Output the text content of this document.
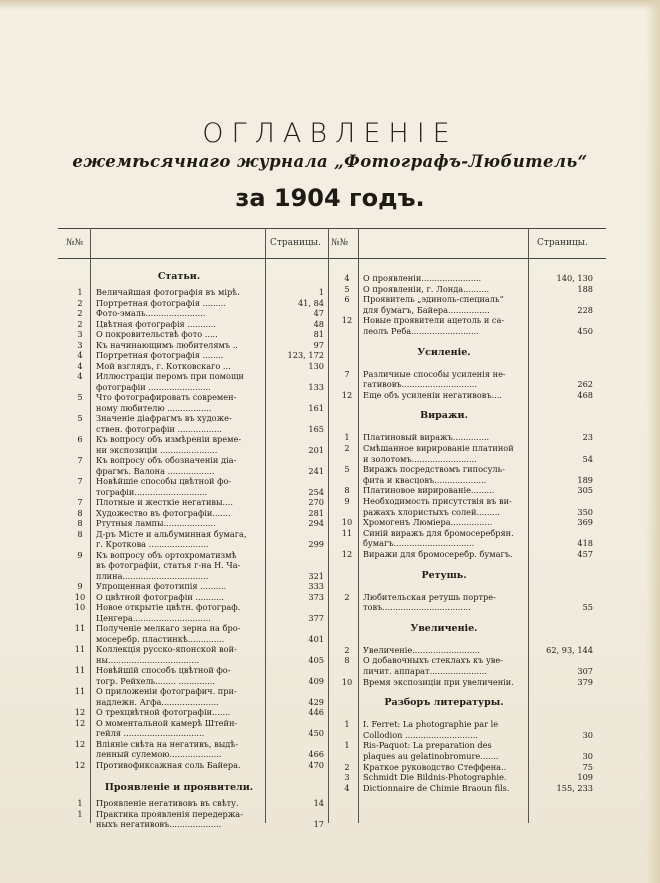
ОГЛАВЛЕНІЕ
ежемѣсячнаго журнала „Фотографъ-Любитель“
за 1904 годъ.
№№	Страницы. №№	Страницы.
Статьи.
1	Величайшая фотографія въ мірѣ.	1
2	Портретная фотографія .........	41, 84
2	Фото-эмаль.......................	47
2	Цвѣтная фотографія ...........	48
3	О покровительствѣ фото .....	81
3	Къ начинающимъ любителямъ ..	97
4	Портретная фотографія ........	123, 172
4	Мой взглядъ, г. Котковскаго ...	130
4	Иллюстраціи перомъ при помощи
фотографіи ........................	133
5	Что фотографировать современ-
ному любителю .................	161
5	Значеніе діафрагмъ въ художе-
ствен. фотографіи .................	165
6	Къ вопросу объ измѣреніи време-
ни экспозиціи ......................	201
7	Къ вопросу объ обозначеніи діа-
фрагмъ. Валона ..................	241
7	Новѣйшіе способы цвѣтной фо-
тографіи............................	254
7	Плотные и жесткіе негативы....	270
8	Художество въ фотографіи.......	281
8	Ртутныя лампы....................	294
8	Д-ръ Місте и альбуминная бумага,
г. Кроткова .......................	299
9	Къ вопросу объ ортохроматизмѣ
въ фотографіи, статья г-на Н. Ча-
плина.................................	321
9	Упрощенная фототипія ..........	333
10	О цвѣтной фотографіи ...........	373
10	Новое открытіе цвѣтн. фотограф.
Ценгера..............................	377
11	Полученіе мелкаго зерна на бро-
мосеребр. пластинкѣ..............	401
11	Коллекція русско-японской вой-
ны...................................	405
11	Новѣйшій способъ цвѣтной фо-
тогр. Рейхель........ ..............	409
11	О приложеніи фотографич. при-
надлежн. Агфа......................	429
12	О трехцвѣтной фотографіи.......	446
12	О моментальной камерѣ Штейн-
гейля ...............................	450
12	Вліяніе свѣта на негативъ, выдѣ-
ленный сулемою....................	466
12	Противофиксажная соль Байера.	470
Проявленіе и проявители.
1	Проявленіе негативовъ въ свѣту.	14
1	Практика проявленія передержа-
ныхъ негативовъ....................	17
4	О проявленіи.......................	140, 130
5	О проявленіи, г. Лонда..........	188
6	Проявитель „эдиноль-специаль“
для бумагъ, Байера................	228
12	Новые проявители ацетоль и са-
леолъ Реба..........................	450
Усиленіе.
7	Различные способы усиленія не-
гативовъ.............................	262
12	Еще объ усиленіи негативовъ....	468
Виражи.
1	Платиновый виражъ..............	23
2	Смѣшанное вирированіе платиной
и золотомъ.........................	54
5	Виражъ посредствомъ гипосуль-
фита и квасцовъ....................	189
8	Платиновое вирированіе.........	305
9	Необходимость присутствія въ ви-
ражахъ хлористыхъ солей.........	350
10	Хромогенъ Люміера................	369
11	Синій виражъ для бромосеребрян.
бумагъ...............................	418
12	Виражи для бромосеребр. бумагъ.	457
Ретушь.
2	Любительская ретушь портре-
товъ..................................	55
Увеличеніе.
2	Увеличеніе..........................	62, 93, 144
8	О добавочныхъ стеклахъ къ уве-
личит. аппарат......................	307
10	Время экспозиціи при увеличеніи.	379
Разборъ литературы.
1	I. Ferret: La photographie par le
Collodion ............................	30
1	Ris-Paquot: La preparation des
plaques au gelatinobromure.......	30
2	Краткое руководство Стеффена..	75
3	Schmidt Die Bildnis-Photographie.	109
4	Dictionnaire de Chimie Braoun fils.	155, 233
